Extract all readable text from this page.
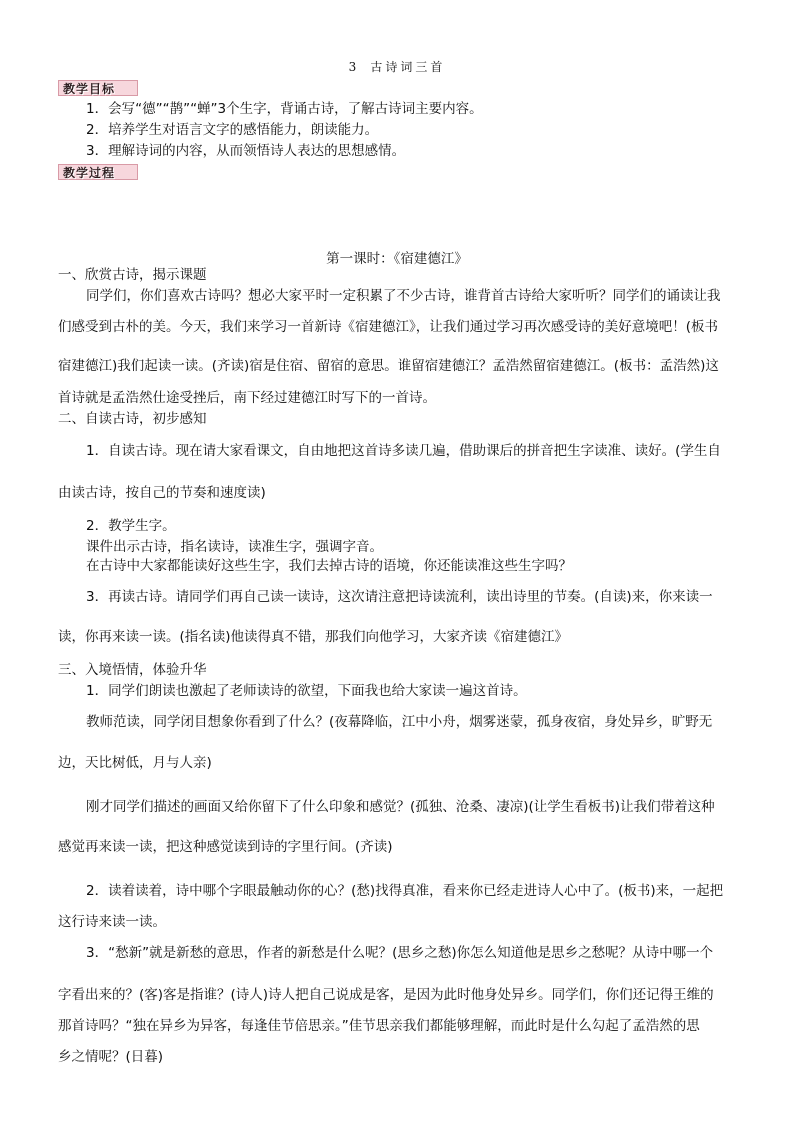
3 古诗词三首
教学目标
1．会写“德”“鹊”“蝉”3个生字，背诵古诗，了解古诗词主要内容。
2．培养学生对语言文字的感悟能力，朗读能力。
3．理解诗词的内容，从而领悟诗人表达的思想感情。
教学过程
第一课时：《宿建德江》
一、欣赏古诗，揭示课题
同学们，你们喜欢古诗吗？想必大家平时一定积累了不少古诗，谁背首古诗给大家听听？同学们的诵读让我
们感受到古朴的美。今天，我们来学习一首新诗《宿建德江》，让我们通过学习再次感受诗的美好意境吧！(板书
宿建德江)我们起读一读。(齐读)宿是住宿、留宿的意思。谁留宿建德江？孟浩然留宿建德江。(板书：孟浩然)这
首诗就是孟浩然仕途受挫后，南下经过建德江时写下的一首诗。
二、自读古诗，初步感知
1．自读古诗。现在请大家看课文，自由地把这首诗多读几遍，借助课后的拼音把生字读准、读好。(学生自
由读古诗，按自己的节奏和速度读)
2．教学生字。
课件出示古诗，指名读诗，读准生字，强调字音。
在古诗中大家都能读好这些生字，我们去掉古诗的语境，你还能读准这些生字吗？
3．再读古诗。请同学们再自己读一读诗，这次请注意把诗读流利，读出诗里的节奏。(自读)来，你来读一
读，你再来读一读。(指名读)他读得真不错，那我们向他学习，大家齐读《宿建德江》
三、入境悟情，体验升华
1．同学们朗读也激起了老师读诗的欲望，下面我也给大家读一遍这首诗。
教师范读，同学闭目想象你看到了什么？(夜幕降临，江中小舟，烟雾迷蒙，孤身夜宿，身处异乡，旷野无
边，天比树低，月与人亲)
刚才同学们描述的画面又给你留下了什么印象和感觉？(孤独、沧桑、凄凉)(让学生看板书)让我们带着这种
感觉再来读一读，把这种感觉读到诗的字里行间。(齐读)
2．读着读着，诗中哪个字眼最触动你的心？(愁)找得真准，看来你已经走进诗人心中了。(板书)来，一起把
这行诗来读一读。
3．“愁新”就是新愁的意思，作者的新愁是什么呢？(思乡之愁)你怎么知道他是思乡之愁呢？从诗中哪一个
字看出来的？(客)客是指谁？(诗人)诗人把自己说成是客，是因为此时他身处异乡。同学们，你们还记得王维的
那首诗吗？“独在异乡为异客，每逢佳节倍思亲。”佳节思亲我们都能够理解，而此时是什么勾起了孟浩然的思
乡之情呢？(日暮)
